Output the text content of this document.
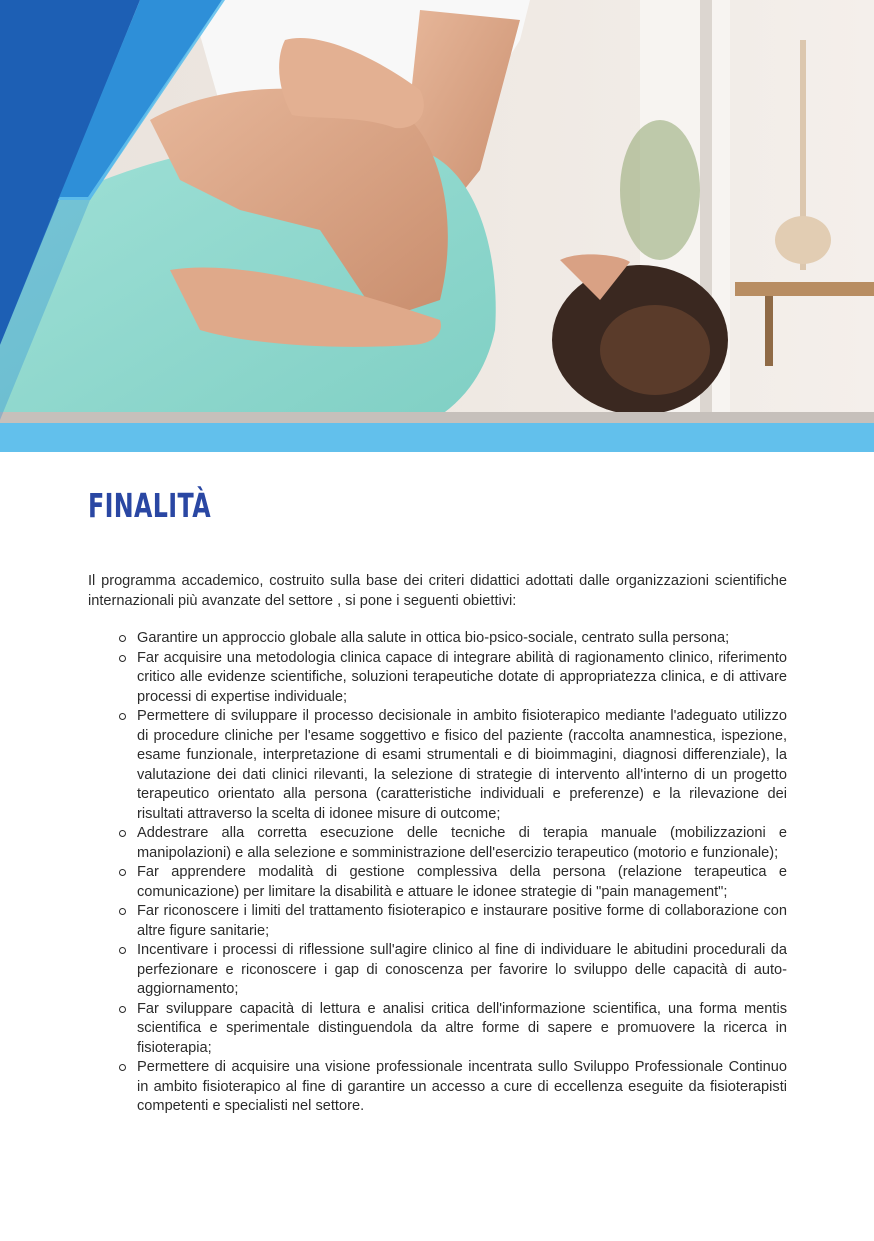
FINALITÀ

Il programma accademico, costruito sulla base dei criteri didattici adottati dalle organizzazioni scientifiche internazionali più avanzate del settore , si pone i seguenti obiettivi:

Garantire un approccio globale alla salute in ottica bio-psico-sociale, centrato sulla persona;
Far acquisire una metodologia clinica capace di integrare abilità di ragionamento clinico, riferimento critico alle evidenze scientifiche, soluzioni terapeutiche dotate di appropriatezza clinica, e di attivare processi di expertise individuale;
Permettere di sviluppare il processo decisionale in ambito fisioterapico mediante l'adeguato utilizzo di procedure cliniche per l'esame soggettivo e fisico del paziente (raccolta anamnestica, ispezione, esame funzionale, interpretazione di esami strumentali e di bioimmagini, diagnosi differenziale), la valutazione dei dati clinici rilevanti, la selezione di strategie di intervento all'interno di un progetto terapeutico orientato alla persona (caratteristiche individuali e preferenze) e la rilevazione dei risultati attraverso la scelta di idonee misure di outcome;
Addestrare alla corretta esecuzione delle tecniche di terapia manuale (mobilizzazioni e manipolazioni) e alla selezione e somministrazione dell'esercizio terapeutico (motorio e funzionale);
Far apprendere modalità di gestione complessiva della persona (relazione terapeutica e comunicazione) per limitare la disabilità e attuare le idonee strategie di "pain management";
Far riconoscere i limiti del trattamento fisioterapico e instaurare positive forme di collaborazione con altre figure sanitarie;
Incentivare i processi di riflessione sull'agire clinico al fine di individuare le abitudini procedurali da perfezionare e riconoscere i gap di conoscenza per favorire lo sviluppo delle capacità di auto-aggiornamento;
Far sviluppare capacità di lettura e analisi critica dell'informazione scientifica, una forma mentis scientifica e sperimentale distinguendola da altre forme di sapere e promuovere la ricerca in fisioterapia;
Permettere di acquisire una visione professionale incentrata sullo Sviluppo Professionale Continuo in ambito fisioterapico al fine di garantire un accesso a cure di eccellenza eseguite da fisioterapisti competenti e specialisti nel settore.
